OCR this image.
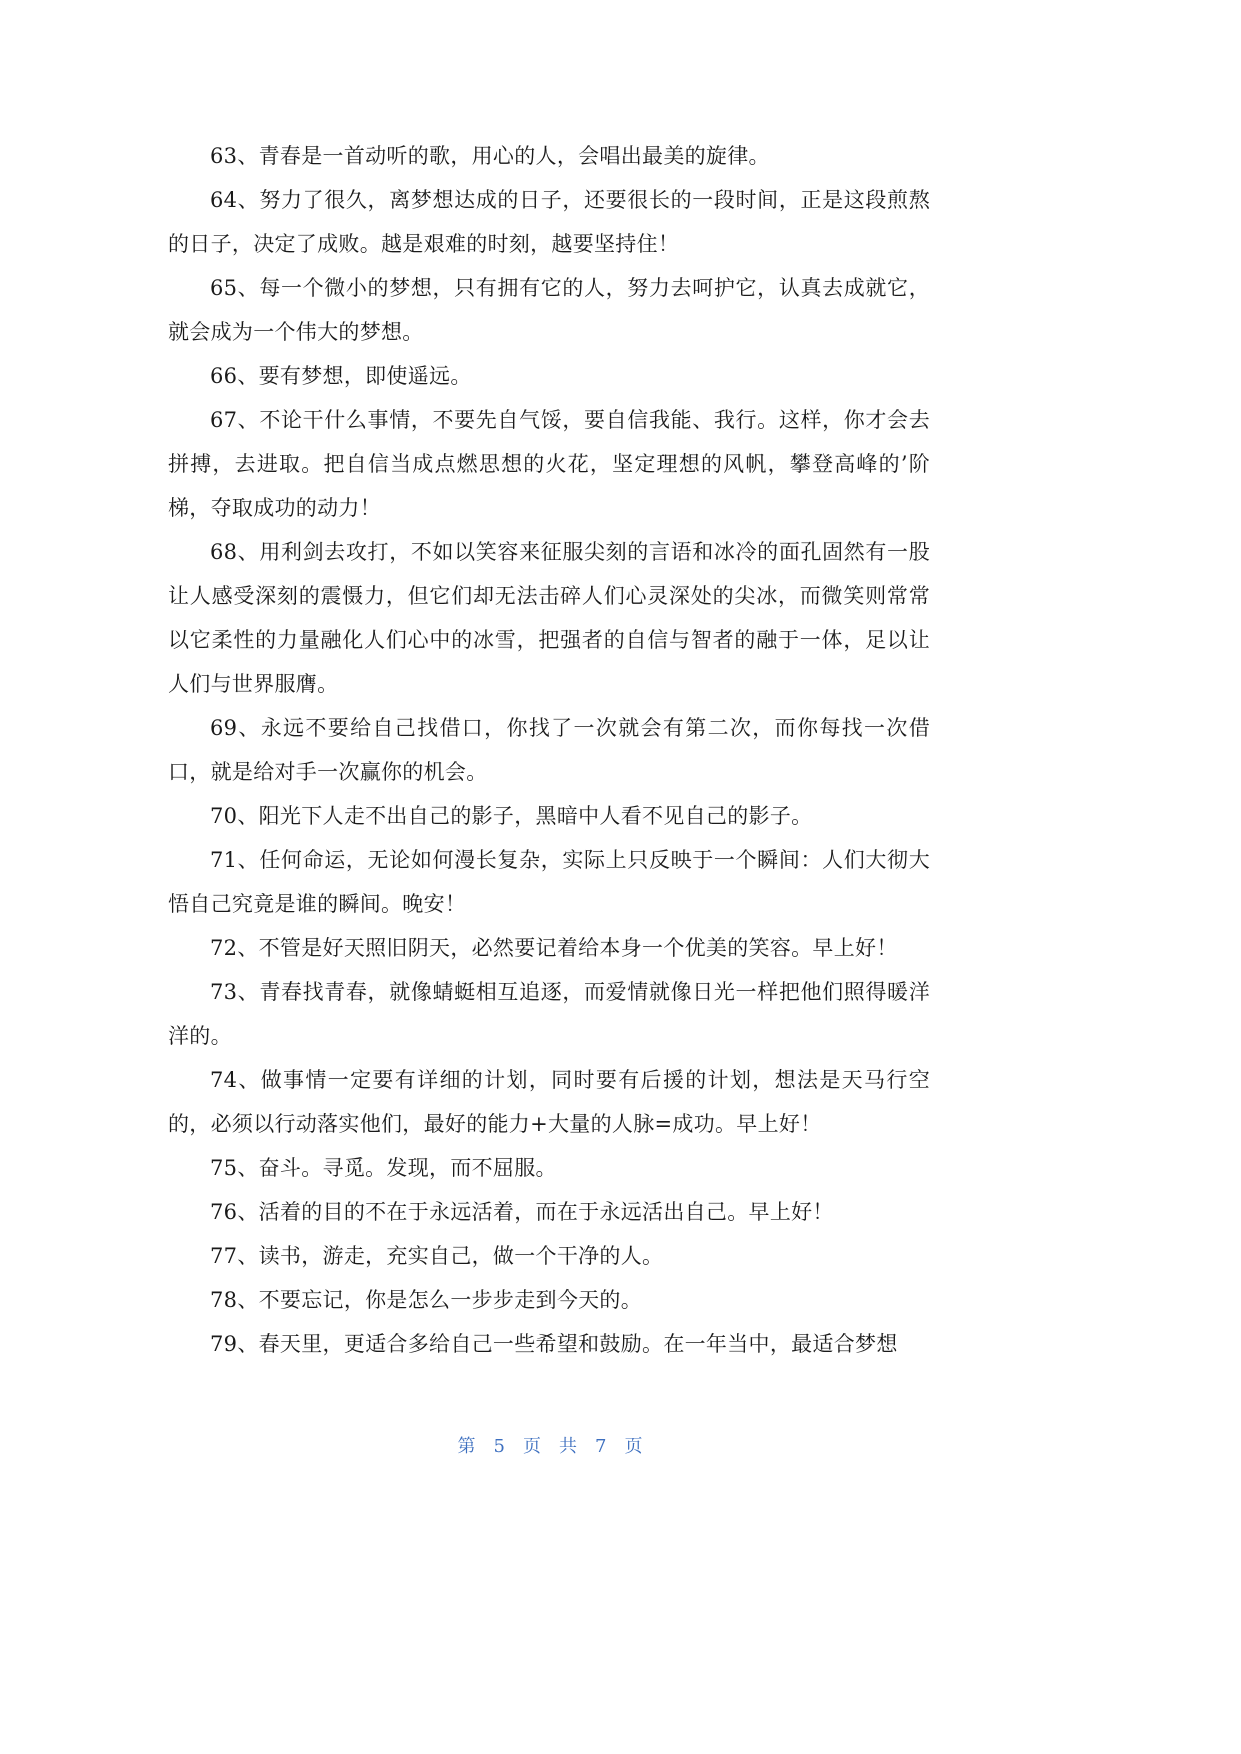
63、青春是一首动听的歌，用心的人，会唱出最美的旋律。

64、努力了很久，离梦想达成的日子，还要很长的一段时间，正是这段煎熬的日子，决定了成败。越是艰难的时刻，越要坚持住！

65、每一个微小的梦想，只有拥有它的人，努力去呵护它，认真去成就它，就会成为一个伟大的梦想。

66、要有梦想，即使遥远。

67、不论干什么事情，不要先自气馁，要自信我能、我行。这样，你才会去拼搏，去进取。把自信当成点燃思想的火花，坚定理想的风帆，攀登高峰的’阶梯，夺取成功的动力！

68、用利剑去攻打，不如以笑容来征服尖刻的言语和冰冷的面孔固然有一股让人感受深刻的震慑力，但它们却无法击碎人们心灵深处的尖冰，而微笑则常常以它柔性的力量融化人们心中的冰雪，把强者的自信与智者的融于一体，足以让人们与世界服膺。

69、永远不要给自己找借口，你找了一次就会有第二次，而你每找一次借口，就是给对手一次赢你的机会。

70、阳光下人走不出自己的影子，黑暗中人看不见自己的影子。

71、任何命运，无论如何漫长复杂，实际上只反映于一个瞬间：人们大彻大悟自己究竟是谁的瞬间。晚安！

72、不管是好天照旧阴天，必然要记着给本身一个优美的笑容。早上好！

73、青春找青春，就像蜻蜓相互追逐，而爱情就像日光一样把他们照得暖洋洋的。

74、做事情一定要有详细的计划，同时要有后援的计划，想法是天马行空的，必须以行动落实他们，最好的能力+大量的人脉=成功。早上好！

75、奋斗。寻觅。发现，而不屈服。

76、活着的目的不在于永远活着，而在于永远活出自己。早上好！

77、读书，游走，充实自己，做一个干净的人。

78、不要忘记，你是怎么一步步走到今天的。

79、春天里，更适合多给自己一些希望和鼓励。在一年当中，最适合梦想

第 5 页 共 7 页
